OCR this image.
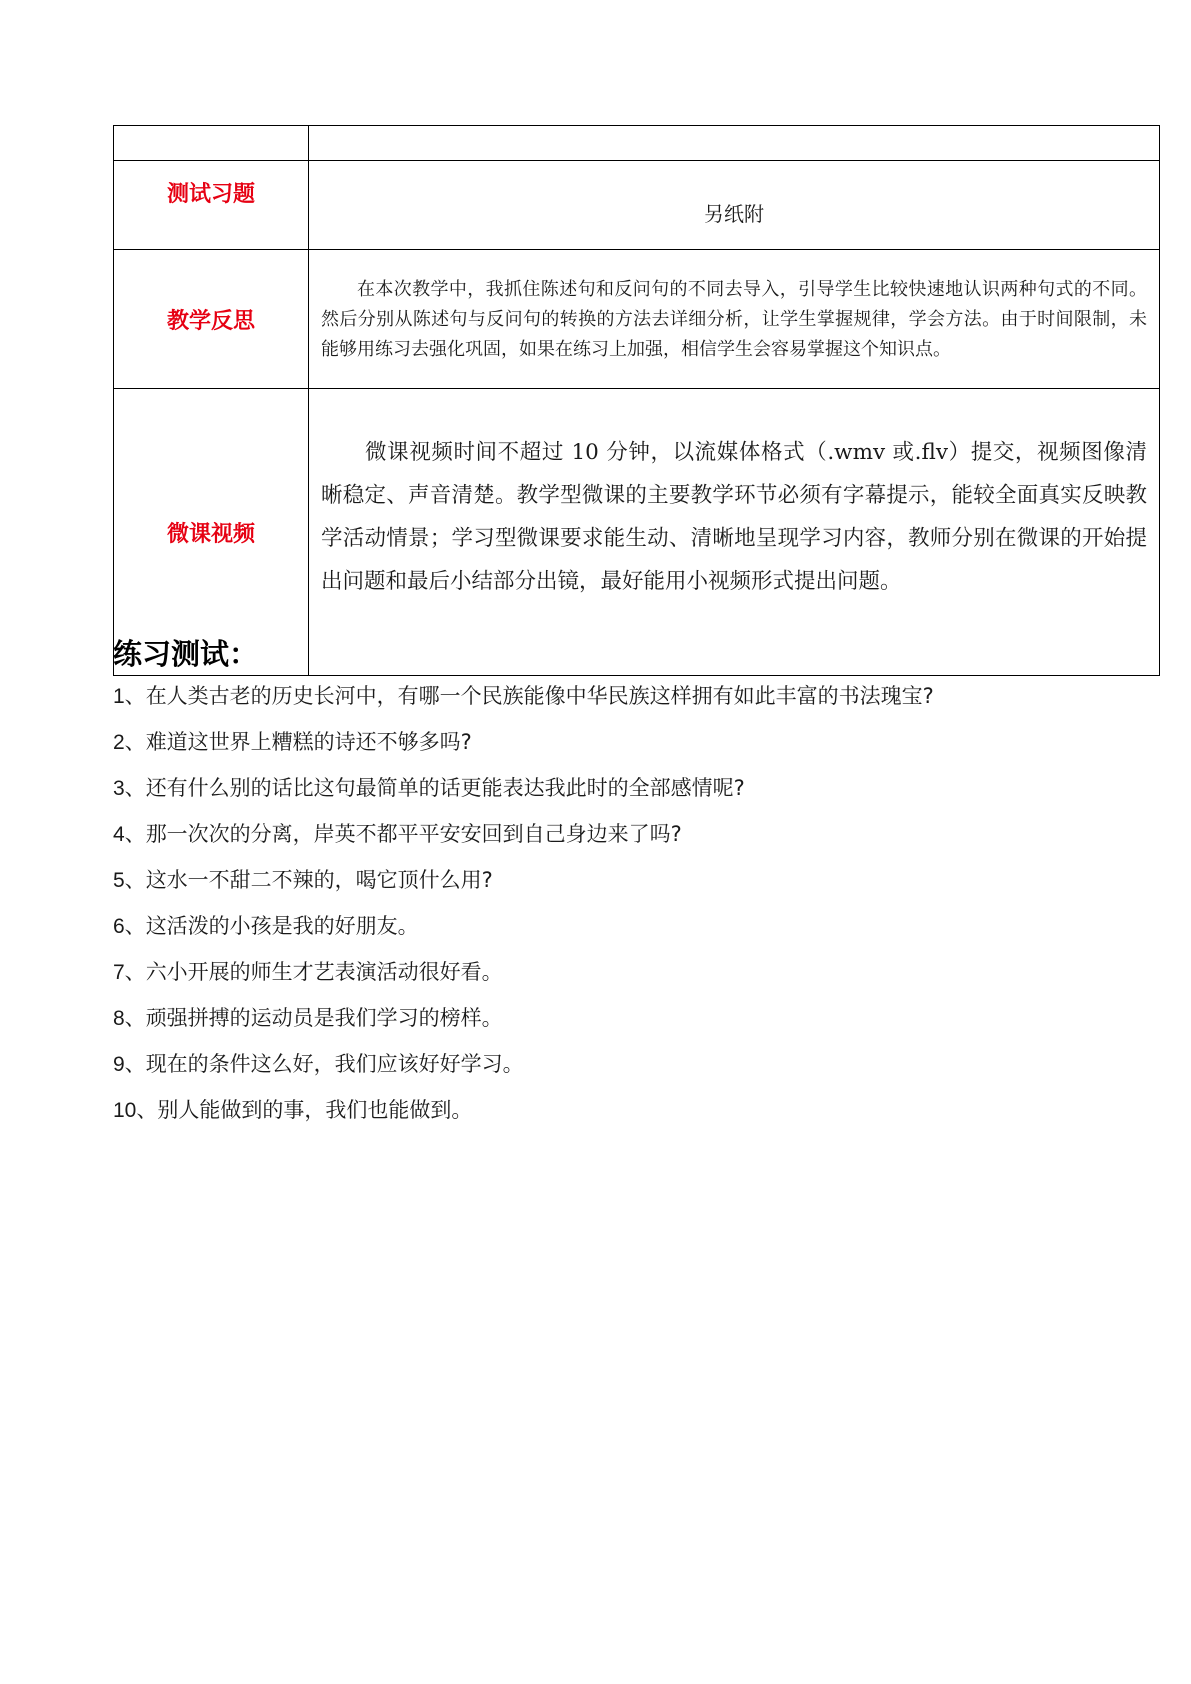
测试习题	另纸附
教学反思	在本次教学中，我抓住陈述句和反问句的不同去导入，引导学生比较快速地认识两种句式的不同。然后分别从陈述句与反问句的转换的方法去详细分析，让学生掌握规律，学会方法。由于时间限制，未能够用练习去强化巩固，如果在练习上加强，相信学生会容易掌握这个知识点。
微课视频	微课视频时间不超过 10 分钟，以流媒体格式（.wmv 或.flv）提交，视频图像清晰稳定、声音清楚。教学型微课的主要教学环节必须有字幕提示，能较全面真实反映教学活动情景；学习型微课要求能生动、清晰地呈现学习内容，教师分别在微课的开始提出问题和最后小结部分出镜，最好能用小视频形式提出问题。
练习测试：
1、在人类古老的历史长河中，有哪一个民族能像中华民族这样拥有如此丰富的书法瑰宝?
2、难道这世界上糟糕的诗还不够多吗?
3、还有什么别的话比这句最简单的话更能表达我此时的全部感情呢?
4、那一次次的分离，岸英不都平平安安回到自己身边来了吗?
5、这水一不甜二不辣的，喝它顶什么用?
6、这活泼的小孩是我的好朋友。
7、六小开展的师生才艺表演活动很好看。
8、顽强拼搏的运动员是我们学习的榜样。
9、现在的条件这么好，我们应该好好学习。
10、别人能做到的事，我们也能做到。
